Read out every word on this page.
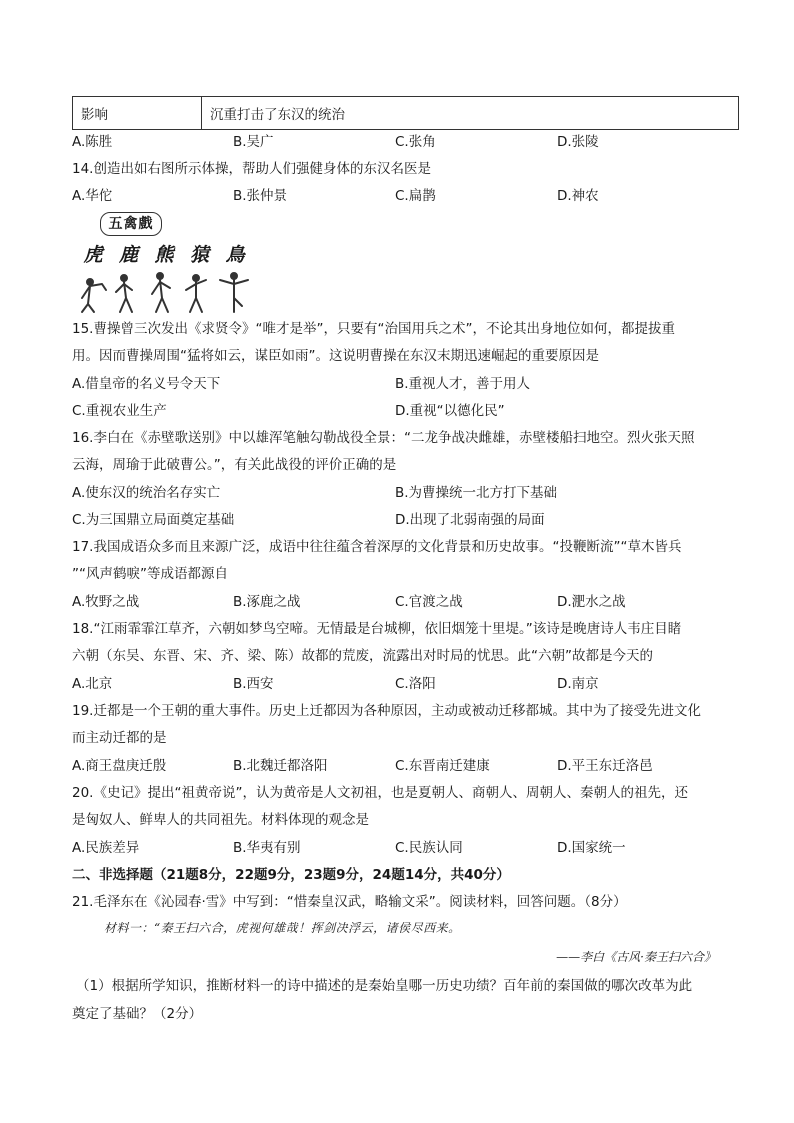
影响	沉重打击了东汉的统治
A.陈胜	B.吴广	C.张角	D.张陵
14.创造出如右图所示体操，帮助人们强健身体的东汉名医是
A.华佗	B.张仲景	C.扁鹊	D.神农
五禽戲
虎 鹿 熊 猿 鳥
15.曹操曾三次发出《求贤令》“唯才是举”，只要有“治国用兵之术”，不论其出身地位如何，都提拔重
用。因而曹操周围“猛将如云，谋臣如雨”。这说明曹操在东汉末期迅速崛起的重要原因是
A.借皇帝的名义号令天下	B.重视人才，善于用人
C.重视农业生产	D.重视“以德化民”
16.李白在《赤壁歌送别》中以雄浑笔触勾勒战役全景：“二龙争战决雌雄，赤壁楼船扫地空。烈火张天照
云海，周瑜于此破曹公。”，有关此战役的评价正确的是
A.使东汉的统治名存实亡	B.为曹操统一北方打下基础
C.为三国鼎立局面奠定基础	D.出现了北弱南强的局面
17.我国成语众多而且来源广泛，成语中往往蕴含着深厚的文化背景和历史故事。“投鞭断流”“草木皆兵
”“风声鹤唳”等成语都源自
A.牧野之战	B.涿鹿之战	C.官渡之战	D.淝水之战
18.“江雨霏霏江草齐，六朝如梦鸟空啼。无情最是台城柳，依旧烟笼十里堤。”该诗是晚唐诗人韦庄目睹
六朝（东吴、东晋、宋、齐、梁、陈）故都的荒废，流露出对时局的忧思。此“六朝”故都是今天的
A.北京	B.西安	C.洛阳	D.南京
19.迁都是一个王朝的重大事件。历史上迁都因为各种原因，主动或被动迁移都城。其中为了接受先进文化
而主动迁都的是
A.商王盘庚迁殷	B.北魏迁都洛阳	C.东晋南迁建康	D.平王东迁洛邑
20.《史记》提出“祖黄帝说”，认为黄帝是人文初祖，也是夏朝人、商朝人、周朝人、秦朝人的祖先，还
是匈奴人、鲜卑人的共同祖先。材料体现的观念是
A.民族差异	B.华夷有别	C.民族认同	D.国家统一
二、非选择题（21题8分，22题9分，23题9分，24题14分，共40分）
21.毛泽东在《沁园春·雪》中写到：“惜秦皇汉武，略输文采”。阅读材料，回答问题。（8分）
材料一：“秦王扫六合，虎视何雄哉！挥剑决浮云，诸侯尽西来。
——李白《古风·秦王扫六合》
（1）根据所学知识，推断材料一的诗中描述的是秦始皇哪一历史功绩？百年前的秦国做的哪次改革为此
奠定了基础？（2分）
